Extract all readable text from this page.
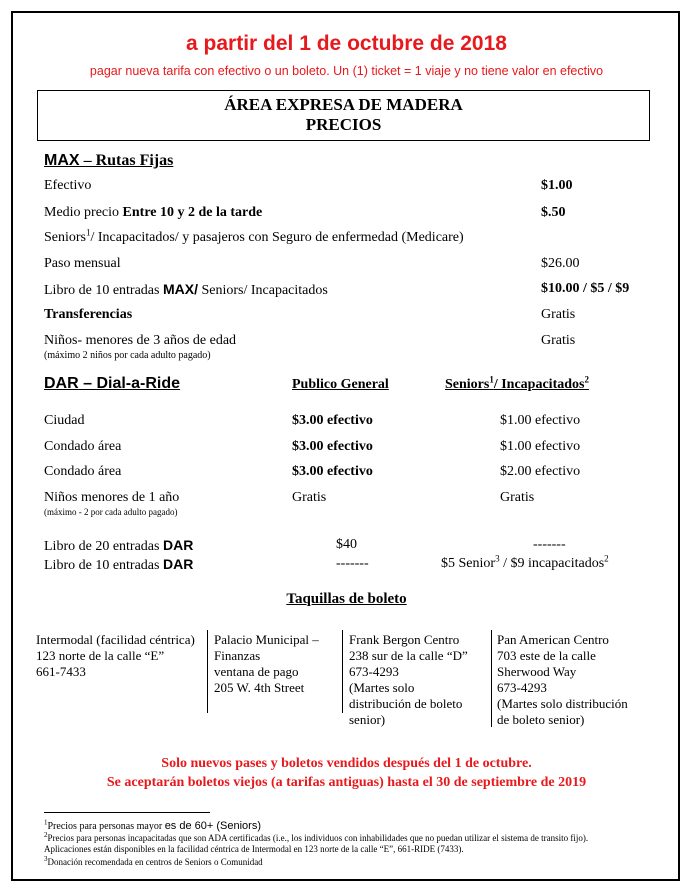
a partir del 1 de octubre de 2018
pagar nueva tarifa con efectivo o un boleto. Un (1) ticket = 1 viaje y no tiene valor en efectivo
ÁREA EXPRESA DE MADERA
PRECIOS
MAX – Rutas Fijas
Efectivo	$1.00
Medio precio Entre 10 y 2 de la tarde	$.50
Seniors$^1$/ Incapacitados/ y pasajeros con Seguro de enfermedad (Medicare)
Paso mensual	$26.00
Libro de 10 entradas MAX/ Seniors/ Incapacitados	$10.00 / $5 / $9
Transferencias	Gratis
Niños- menores de 3 años de edad
(máximo 2 niños por cada adulto pagado)
Gratis
DAR – Dial-a-Ride	Publico General	Seniors$^1$/ Incapacitados$^2$
Ciudad	$3.00 efectivo	$1.00 efectivo
Condado área	$3.00 efectivo	$1.00 efectivo
Condado área	$3.00 efectivo	$2.00 efectivo
Niños menores de 1 año
(máximo - 2 por cada adulto pagado)
Gratis	Gratis
Libro de 20 entradas DAR	$40	-------
Libro de 10 entradas DAR	-------	$5 Senior$^3$ / $9 incapacitados$^2$
Taquillas de boleto
Intermodal (facilidad céntrica)
123 norte de la calle “E”
661-7433
Palacio Municipal –
Finanzas
ventana de pago
205 W. 4th Street
Frank Bergon Centro
238 sur de la calle “D”
673-4293
(Martes solo
distribución de boleto
senior)
Pan American Centro
703 este de la calle
Sherwood Way
673-4293
(Martes solo distribución
de boleto senior)
Solo nuevos pases y boletos vendidos después del 1 de octubre.
Se aceptarán boletos viejos (a tarifas antiguas) hasta el 30 de septiembre de 2019
$^1$Precios para personas mayor es de 60+ (Seniors)
$^2$Precios para personas incapacitadas que son ADA certificadas (i.e., los individuos con inhabilidades que no puedan utilizar el sistema de transito fijo). Aplicaciones están disponibles en la facilidad céntrica de Intermodal en 123 norte de la calle “E”, 661-RIDE (7433).
$^3$Donación recomendada en centros de Seniors o Comunidad
